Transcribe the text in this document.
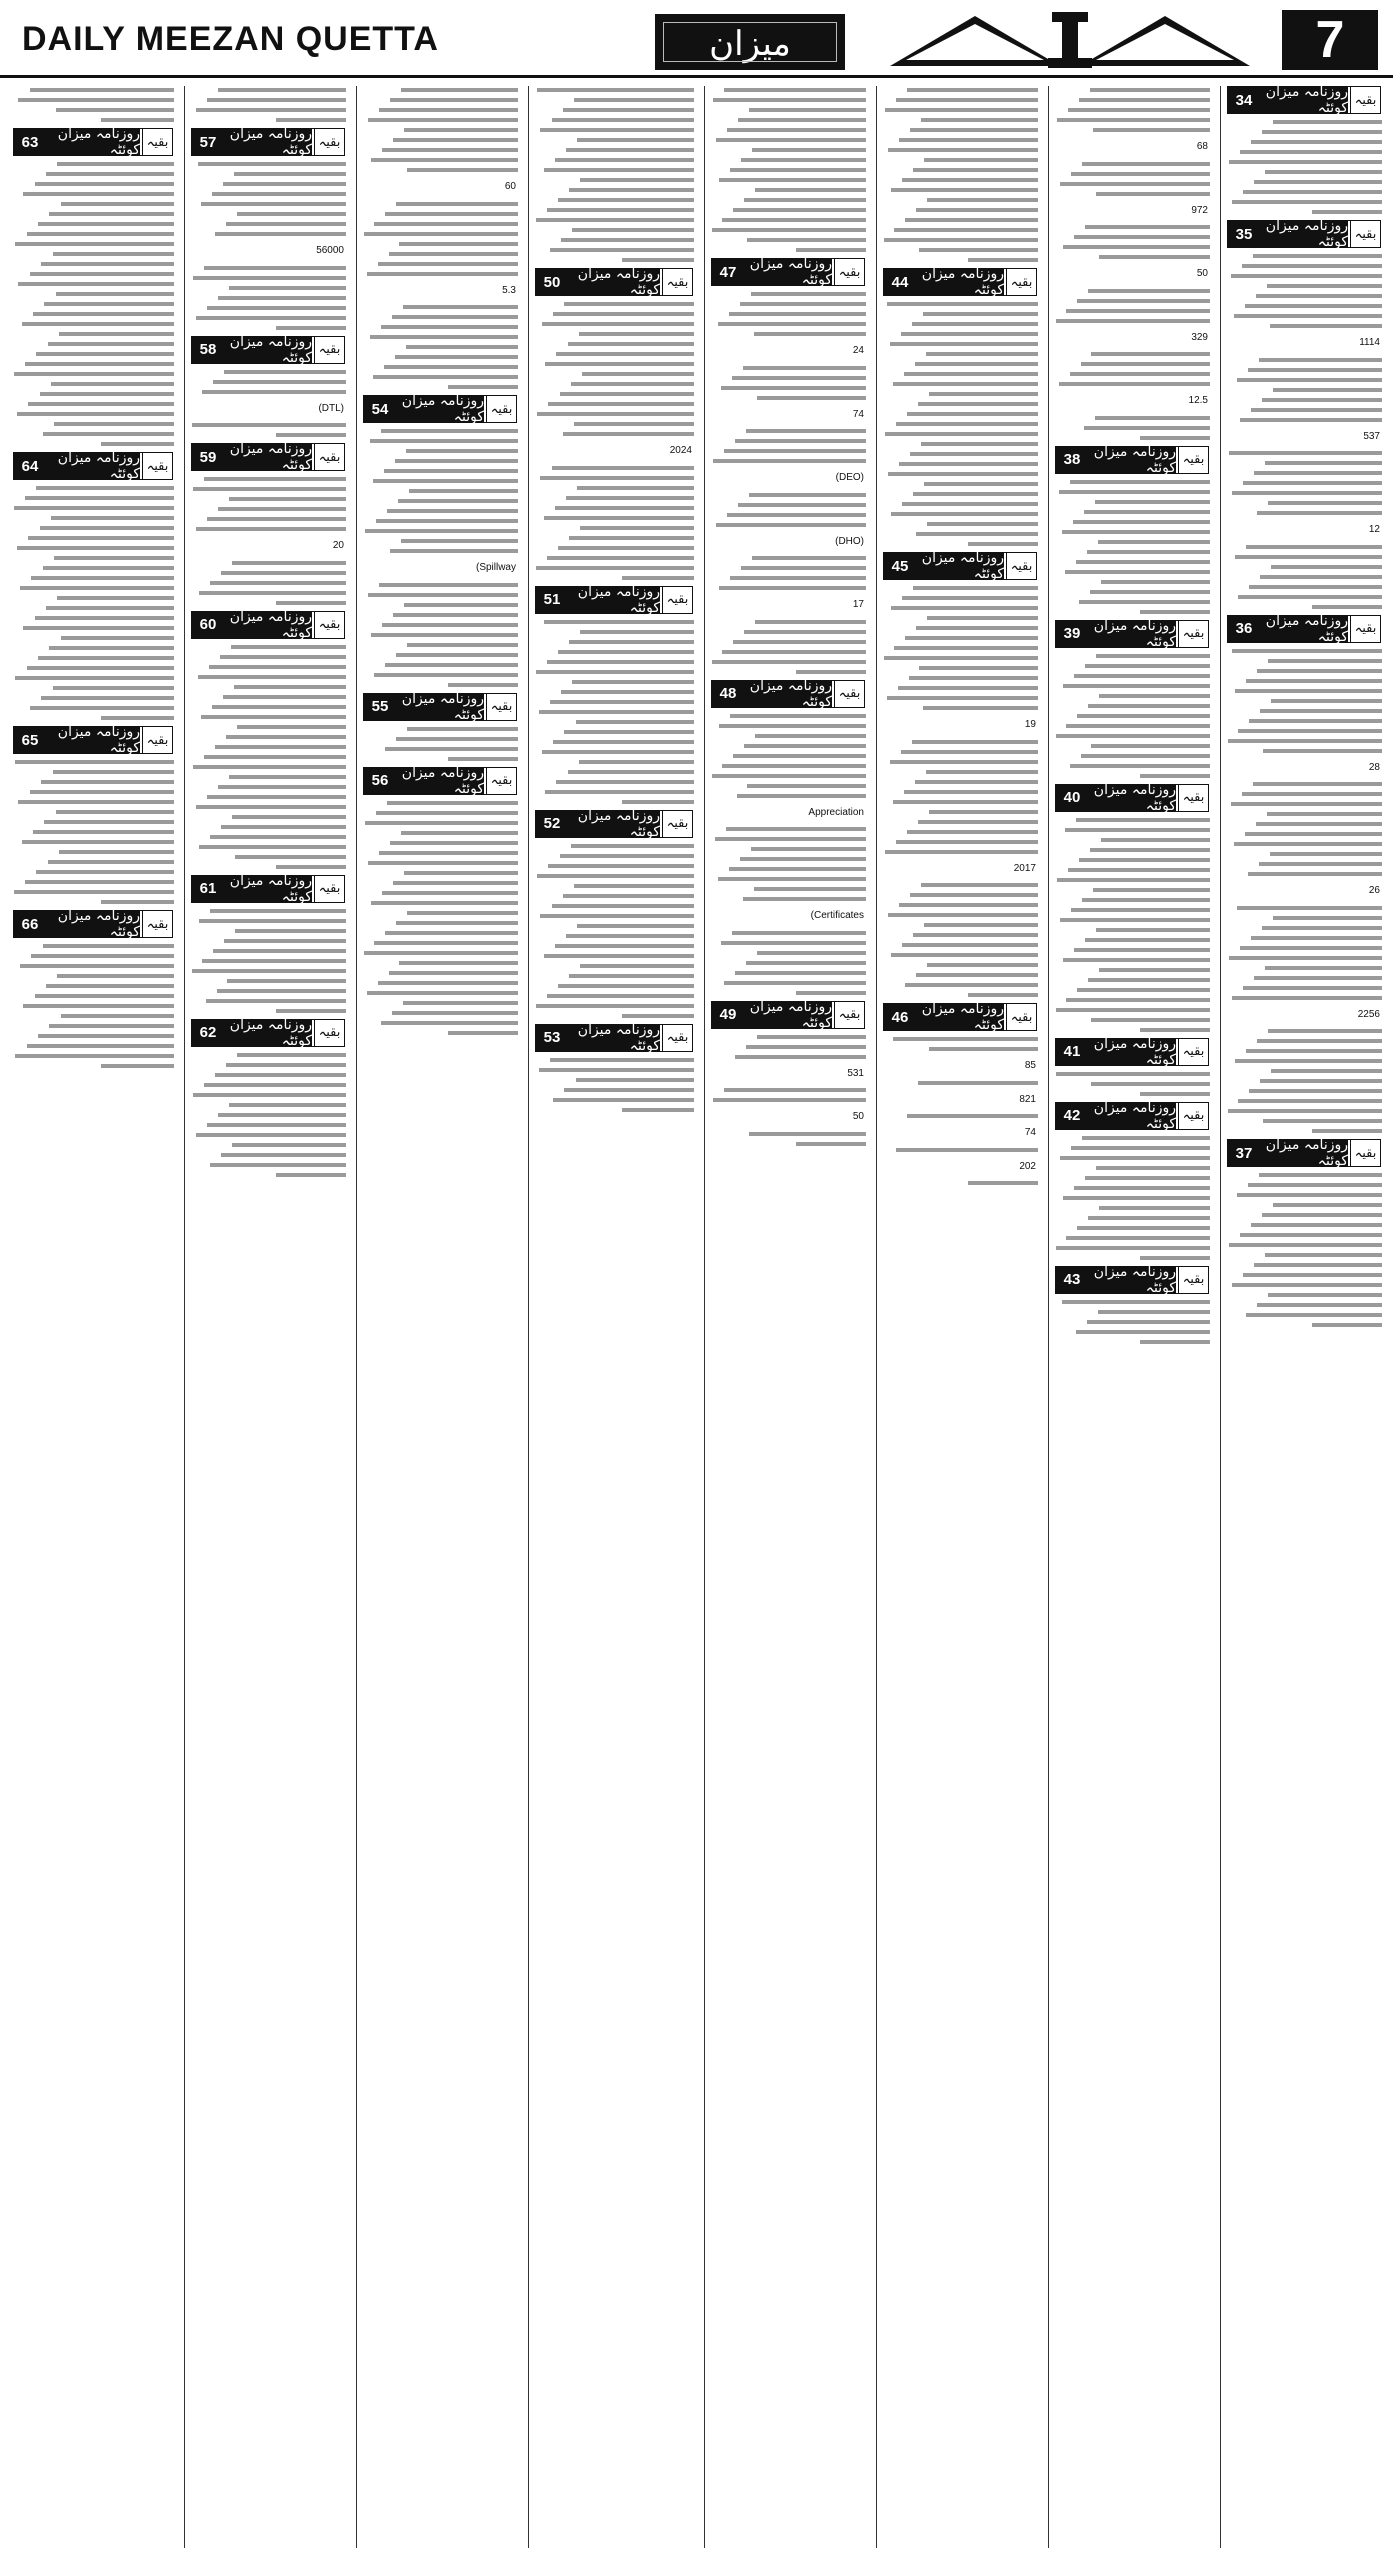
DAILY MEEZAN QUETTA	میزان	7
بقیہ
روزنامہ میزان کوئٹہ
34
بقیہ
روزنامہ میزان کوئٹہ
35
1114
537
12
بقیہ
روزنامہ میزان کوئٹہ
36
28
26
2256
بقیہ
روزنامہ میزان کوئٹہ
37
68
972
50
329
12.5
بقیہ
روزنامہ میزان کوئٹہ
38
بقیہ
روزنامہ میزان کوئٹہ
39
بقیہ
روزنامہ میزان کوئٹہ
40
بقیہ
روزنامہ میزان کوئٹہ
41
بقیہ
روزنامہ میزان کوئٹہ
42
بقیہ
روزنامہ میزان کوئٹہ
43
بقیہ
روزنامہ میزان کوئٹہ
44
بقیہ
روزنامہ میزان کوئٹہ
45
19
2017
بقیہ
روزنامہ میزان کوئٹہ
46
85
821
74
202
بقیہ
روزنامہ میزان کوئٹہ
47
24
74
(DEO)
(DHO)
17
بقیہ
روزنامہ میزان کوئٹہ
48
Appreciation
(Certificates
بقیہ
روزنامہ میزان کوئٹہ
49
531
50
بقیہ
روزنامہ میزان کوئٹہ
50
2024
بقیہ
روزنامہ میزان کوئٹہ
51
بقیہ
روزنامہ میزان کوئٹہ
52
بقیہ
روزنامہ میزان کوئٹہ
53
60
5.3
بقیہ
روزنامہ میزان کوئٹہ
54
(Spillway
بقیہ
روزنامہ میزان کوئٹہ
55
بقیہ
روزنامہ میزان کوئٹہ
56
بقیہ
روزنامہ میزان کوئٹہ
57
56000
بقیہ
روزنامہ میزان کوئٹہ
58
(DTL)
بقیہ
روزنامہ میزان کوئٹہ
59
20
بقیہ
روزنامہ میزان کوئٹہ
60
بقیہ
روزنامہ میزان کوئٹہ
61
بقیہ
روزنامہ میزان کوئٹہ
62
بقیہ
روزنامہ میزان کوئٹہ
63
بقیہ
روزنامہ میزان کوئٹہ
64
بقیہ
روزنامہ میزان کوئٹہ
65
بقیہ
روزنامہ میزان کوئٹہ
66
